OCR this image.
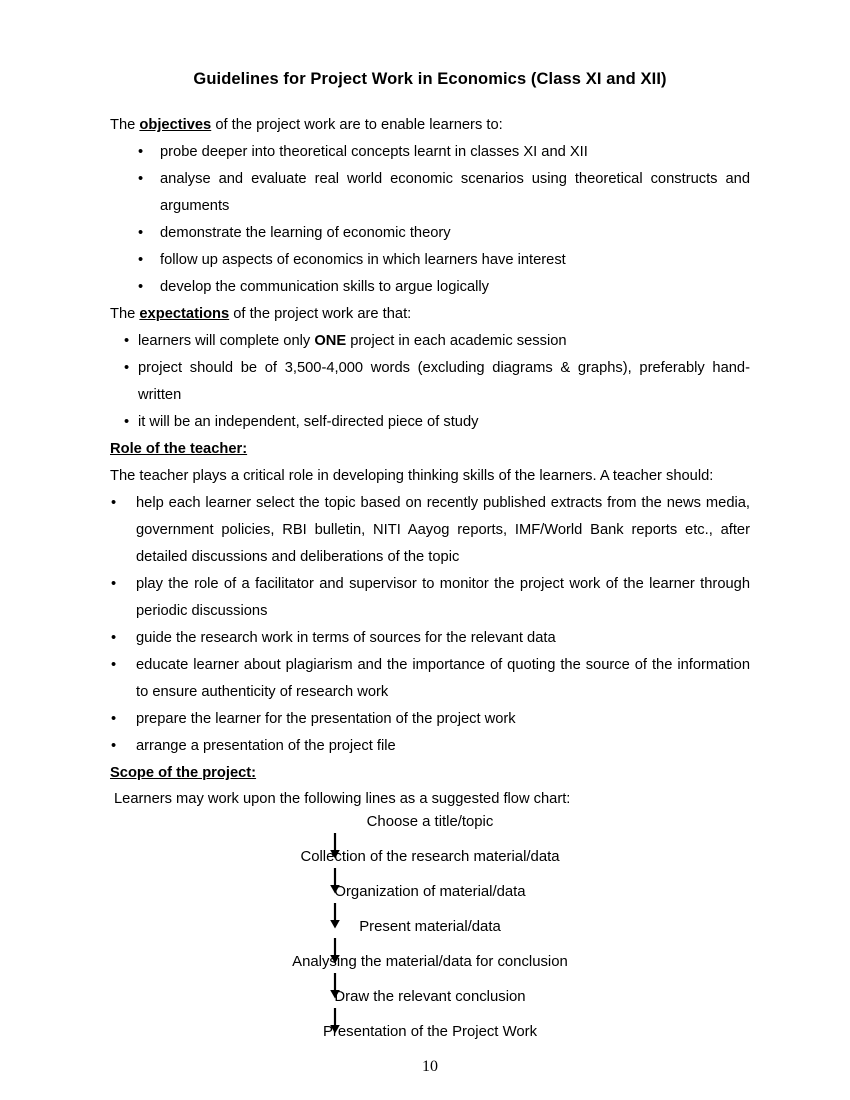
Guidelines for Project Work in Economics (Class XI and XII)

The objectives of the project work are to enable learners to:

• probe deeper into theoretical concepts learnt in classes XI and XII
• analyse and evaluate real world economic scenarios using theoretical constructs and arguments
• demonstrate the learning of economic theory
• follow up aspects of economics in which learners have interest
• develop the communication skills to argue logically

The expectations of the project work are that:

• learners will complete only ONE project in each academic session
• project should be of 3,500-4,000 words (excluding diagrams & graphs), preferably hand-written
• it will be an independent, self-directed piece of study

Role of the teacher:

The teacher plays a critical role in developing thinking skills of the learners. A teacher should:

• help each learner select the topic based on recently published extracts from the news media, government policies, RBI bulletin, NITI Aayog reports, IMF/World Bank reports etc., after detailed discussions and deliberations of the topic
• play the role of a facilitator and supervisor to monitor the project work of the learner through periodic discussions
• guide the research work in terms of sources for the relevant data
• educate learner about plagiarism and the importance of quoting the source of the information to ensure authenticity of research work
• prepare the learner for the presentation of the project work
• arrange a presentation of the project file

Scope of the project:

Learners may work upon the following lines as a suggested flow chart:

Choose a title/topic
Collection of the research material/data
Organization of material/data
Present material/data
Analysing the material/data for conclusion
Draw the relevant conclusion
Presentation of the Project Work
10
